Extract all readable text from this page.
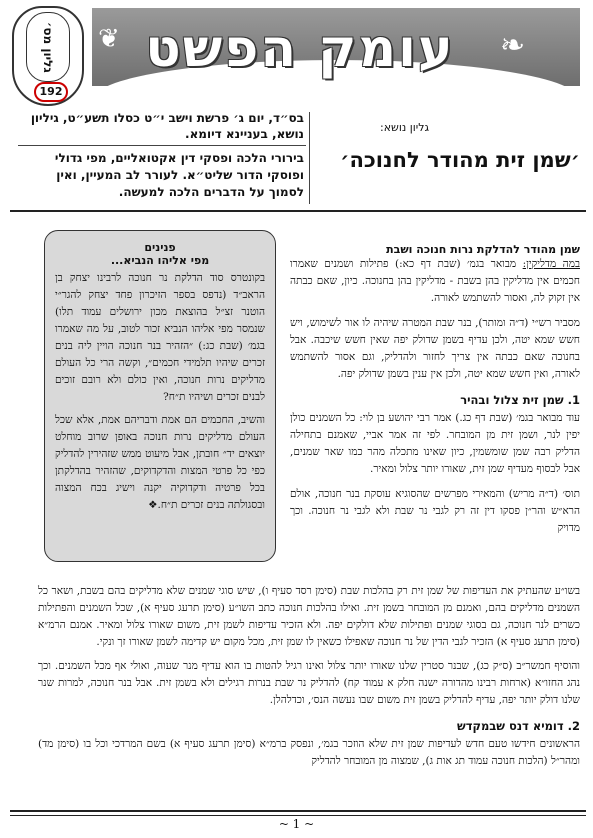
❦	❧
עומק הפשט
גליון מס׳
192
גליון נושא:
׳שמן זית מהודר לחנוכה׳
בס״ד, יום ג׳ פרשת וישב י״ט כסלו תשע״ט, גיליון נושא, בעניינא דיומא.
בירורי הלכה ופסקי דין אקטואליים, מפי גדולי ופוסקי הדור שליט״א. לעורר לב המעיין, ואין לסמוך על הדברים הלכה למעשה.
פנינים
מפי אליהו הנביא...

בקונטרס סוד הדלקת נר חנוכה לרבינו יצחק בן הראב״ד (נדפס בספר הזיכרון פחד יצחק להגר״י הוטנר זצ״ל בהוצאת מכון ירושלים עמוד תלו) שנמסר מפי אליהו הנביא זכור לטוב, על מה שאמרו בגמ׳ (שבת כג:) ״הזהיר בנר חנוכה הויין ליה בנים זכרים שיהיו תלמידי חכמים״, וקשה הרי כל העולם מדליקים נרות חנוכה, ואין כולם ולא רובם זוכים לבנים זכרים ושיהיו ת״ח?

והשיב, החכמים הם אמת ודבריהם אמת, אלא שכל העולם מדליקים נרות חנוכה באופן שרוב מוחלט יוצאים יד״ חובתן, אבל מיעוט ממש שזהירין להדליק כפי כל פרטי המצות והדקדוקים, שהזהיר בהדלקתן בכל פרטיה ודקדוקיה יקנה וישיג בכח המצוה ובסגולתה בנים זכרים ת״ח.❖

שמן מהודר להדלקת נרות חנוכה ושבת

במה מדליקין: מבואר בגמ׳ (שבת דף כא:) פתילות ושמנים שאמרו חכמים אין מדליקין בהן בשבת - מדליקין בהן בחנוכה. כיון, שאם כבתה אין זקוק לה, ואסור להשתמש לאורה.

מסביר רש״י (ד״ה ומותר), בנר שבת המטרה שיהיה לו אור לשימוש, ויש חשש שמא יטה, ולכן עדיף בשמן שדולק יפה שאין חשש שיכבה. אבל בחנוכה שאם כבתה אין צריך לחזור ולהדליק, וגם אסור להשתמש לאורה, ואין חשש שמא יטה, ולכן אין ענין בשמן שדולק יפה.

1. שמן זית צלול ובהיר

עוד מבואר בגמ׳ (שבת דף כג.) אמר רבי יהושע בן לוי: כל השמנים כולן יפין לנר, ושמן זית מן המובחר. לפי זה אמר אביי, שאמנם בתחילה הדליק רבה שמן שומשמין, כיון שאינו מתכלה מהר כמו שאר שמנים, אבל לבסוף מעדיף שמן זית, שאורו יותר צלול ומאיר.

תוס׳ (ד״ה מריש) והמאירי מפרשים שהסוגיא עוסקת בנר חנוכה, אולם הרא״ש והר״ן פסקו דין זה רק לגבי נר שבת ולא לגבי נר חנוכה. וכך מדויק

בשו״ע שהעתיק את העדיפות של שמן זית רק בהלכות שבת (סימן רסד סעיף ו), שיש סוגי שמנים שלא מדליקים בהם בשבת, ושאר כל השמנים מדליקים בהם, ואמנם מן המובחר בשמן זית. ואילו בהלכות חנוכה כתב השו״ע (סימן תרעג סעיף א), שכל השמנים והפתילות כשרים לנר חנוכה, גם בסוגי שמנים ופתילות שלא דולקים יפה. ולא הזכיר עדיפות לשמן זית, משום שאורו צלול ומאיר. אמנם הרמ״א (סימן תרעג סעיף א) הזכיר לגבי הדין של נר חנוכה שאפילו כשאין לו שמן זית, מכל מקום יש קדימה לשמן שאורו זך ונקי.

והוסיף חמשר״ב (ס״ק כג), שבנר סטרין שלנו שאורו יותר צלול ואינו רגיל להטות בו הוא עדיף מנר שעוה, ואולי אף מכל השמנים. וכך נהג החזו״א (ארחות רבינו מהדורה ישנה חלק א עמוד קח) להדליק נר שבת בנרות רגילים ולא בשמן זית. אבל בנר חנוכה, למרות שנר שלנו דולק יותר יפה, עדיף להדליק בשמן זית משום שבו נעשה הנס׳, וכדלהלן.

2. דומיא דנס שבמקדש

הראשונים חידשו טעם חדש לעדיפות שמן זית שלא הוזכר בגמ׳, ונפסק ברמ״א (סימן תרעג סעיף א) בשם המרדכי וכל בו (סימן מד) ומהר״ל (הלכות חנוכה עמוד תג אות ג), שמצוה מן המובחר להדליק

~ 1 ~
